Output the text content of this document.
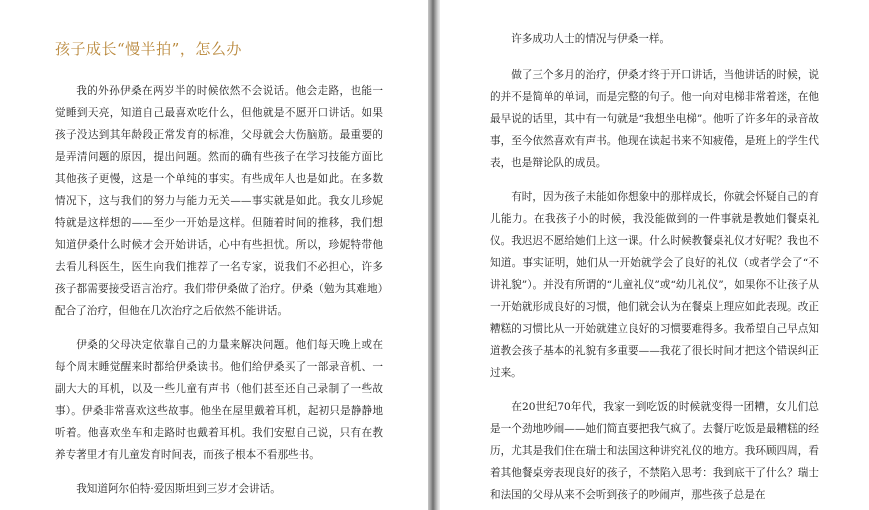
孩子成长“慢半拍”，怎么办

我的外孙伊桑在两岁半的时候依然不会说话。他会走路，也能一觉睡到天亮，知道自己最喜欢吃什么，但他就是不愿开口讲话。如果孩子没达到其年龄段正常发育的标准，父母就会大伤脑筋。最重要的是弄清问题的原因，提出问题。然而的确有些孩子在学习技能方面比其他孩子更慢，这是一个单纯的事实。有些成年人也是如此。在多数情况下，这与我们的努力与能力无关——事实就是如此。我女儿珍妮特就是这样想的——至少一开始是这样。但随着时间的推移，我们想知道伊桑什么时候才会开始讲话，心中有些担忧。所以，珍妮特带他去看儿科医生，医生向我们推荐了一名专家，说我们不必担心，许多孩子都需要接受语言治疗。我们带伊桑做了治疗。伊桑（勉为其难地）配合了治疗，但他在几次治疗之后依然不能讲话。

伊桑的父母决定依靠自己的力量来解决问题。他们每天晚上或在每个周末睡觉醒来时都给伊桑读书。他们给伊桑买了一部录音机、一副大大的耳机，以及一些儿童有声书（他们甚至还自己录制了一些故事）。伊桑非常喜欢这些故事。他坐在屋里戴着耳机，起初只是静静地听着。他喜欢坐车和走路时也戴着耳机。我们安慰自己说，只有在教养专著里才有儿童发育时间表，而孩子根本不看那些书。

我知道阿尔伯特·爱因斯坦到三岁才会讲话。

许多成功人士的情况与伊桑一样。

做了三个多月的治疗，伊桑才终于开口讲话，当他讲话的时候，说的并不是简单的单词，而是完整的句子。他一向对电梯非常着迷，在他最早说的话里，其中有一句就是“我想坐电梯”。他听了许多年的录音故事，至今依然喜欢有声书。他现在读起书来不知疲倦，是班上的学生代表，也是辩论队的成员。

有时，因为孩子未能如你想象中的那样成长，你就会怀疑自己的育儿能力。在我孩子小的时候，我没能做到的一件事就是教她们餐桌礼仪。我迟迟不愿给她们上这一课。什么时候教餐桌礼仪才好呢？我也不知道。事实证明，她们从一开始就学会了良好的礼仪（或者学会了“不讲礼貌”）。并没有所谓的“儿童礼仪”或“幼儿礼仪”，如果你不让孩子从一开始就形成良好的习惯，他们就会认为在餐桌上理应如此表现。改正糟糕的习惯比从一开始就建立良好的习惯要难得多。我希望自己早点知道教会孩子基本的礼貌有多重要——我花了很长时间才把这个错误纠正过来。

在20世纪70年代，我家一到吃饭的时候就变得一团糟，女儿们总是一个劲地吵闹——她们简直要把我气疯了。去餐厅吃饭是最糟糕的经历，尤其是我们住在瑞士和法国这种讲究礼仪的地方。我环顾四周，看着其他餐桌旁表现良好的孩子，不禁陷入思考：我到底干了什么？瑞士和法国的父母从来不会听到孩子的吵闹声，那些孩子总是在
